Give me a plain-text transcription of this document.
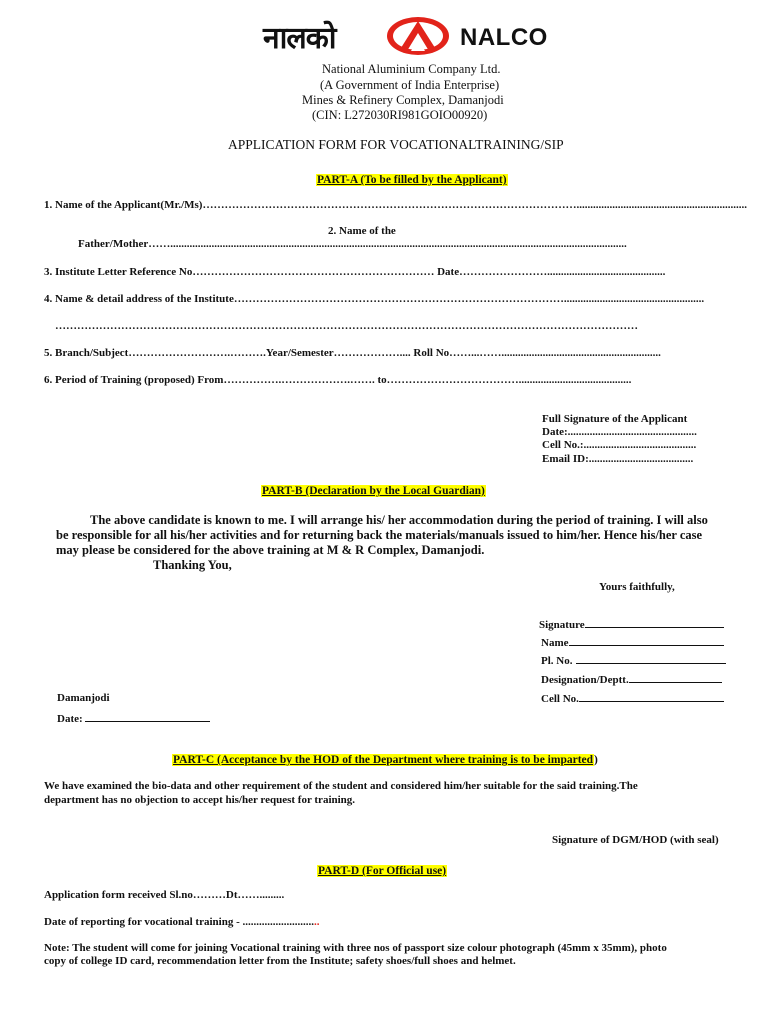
नालको	NALCO
National Aluminium Company Ltd.
(A Government of India Enterprise)
Mines & Refinery Complex, Damanjodi
(CIN: L272030RI981GOIO00920)
APPLICATION FORM FOR VOCATIONALTRAINING/SIP
PART-A (To be filled by the Applicant)
1. Name of the Applicant(Mr./Ms)…………………………………………………………………………………………..............................................................
2. Name of the
Father/Mother……......................................................................................................................................................................
3. Institute Letter Reference No………………………………………………………… Date……………………...........................................
4. Name & detail address of the Institute………………………………………………………………………………...................................................
……………………………………………………………………………………………………………………………………………
5. Branch/Subject……………………….……….Year/Semester……………….... Roll No……...……..........................................................
6. Period of Training (proposed) From…………….……………….……. to……………………………….........................................
Full Signature of the Applicant
Date:...............................................
Cell No.:.........................................
Email ID:......................................
PART-B (Declaration by the Local Guardian)
The above candidate is known to me. I will arrange his/ her accommodation during the period of training. I will also
be responsible for all his/her activities and for returning back the materials/manuals issued to him/her. Hence his/her case
may please be considered for the above training at M & R Complex, Damanjodi.
Thanking You,
Yours faithfully,
Signature
Name
Pl. No.
Designation/Deptt.
Cell No.
Damanjodi
Date:
PART-C (Acceptance by the HOD of the Department where training is to be imparted)
We have examined the bio-data and other requirement of the student and considered him/her suitable for the said training.The
department has no objection to accept his/her request for training.
Signature of DGM/HOD (with seal)
PART-D (For Official use)
Application form received Sl.no………Dt…….........
Date of reporting for vocational training - ............................
Note: The student will come for joining Vocational training with three nos of passport size colour photograph (45mm x 35mm), photo
copy of college ID card, recommendation letter from the Institute; safety shoes/full shoes and helmet.
